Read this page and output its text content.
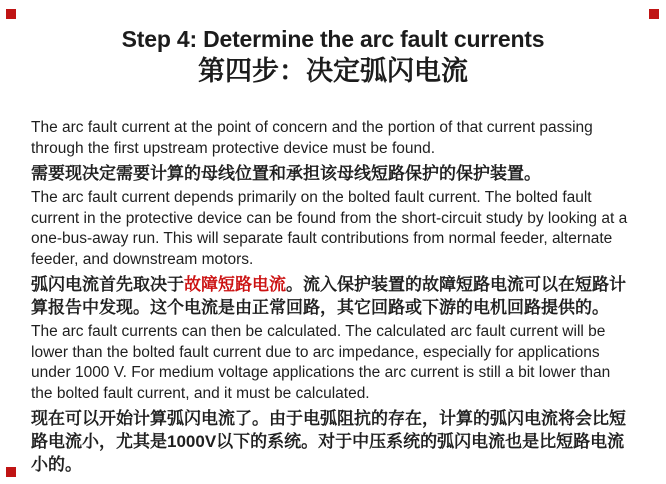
Step 4: Determine the arc fault currents
第四步：决定弧闪电流

The arc fault current at the point of concern and the portion of that current passing through the first upstream protective device must be found.

需要现决定需要计算的母线位置和承担该母线短路保护的保护装置。

The arc fault current depends primarily on the bolted fault current. The bolted fault current in the protective device can be found from the short-circuit study by looking at a one-bus-away run. This will separate fault contributions from normal feeder, alternate feeder, and downstream motors.

弧闪电流首先取决于故障短路电流。流入保护装置的故障短路电流可以在短路计算报告中发现。这个电流是由正常回路，其它回路或下游的电机回路提供的。

The arc fault currents can then be calculated. The calculated arc fault current will be lower than the bolted fault current due to arc impedance, especially for applications under 1000 V. For medium voltage applications the arc current is still a bit lower than the bolted fault current, and it must be calculated.

现在可以开始计算弧闪电流了。由于电弧阻抗的存在，计算的弧闪电流将会比短路电流小，尤其是1000V以下的系统。对于中压系统的弧闪电流也是比短路电流小的。
